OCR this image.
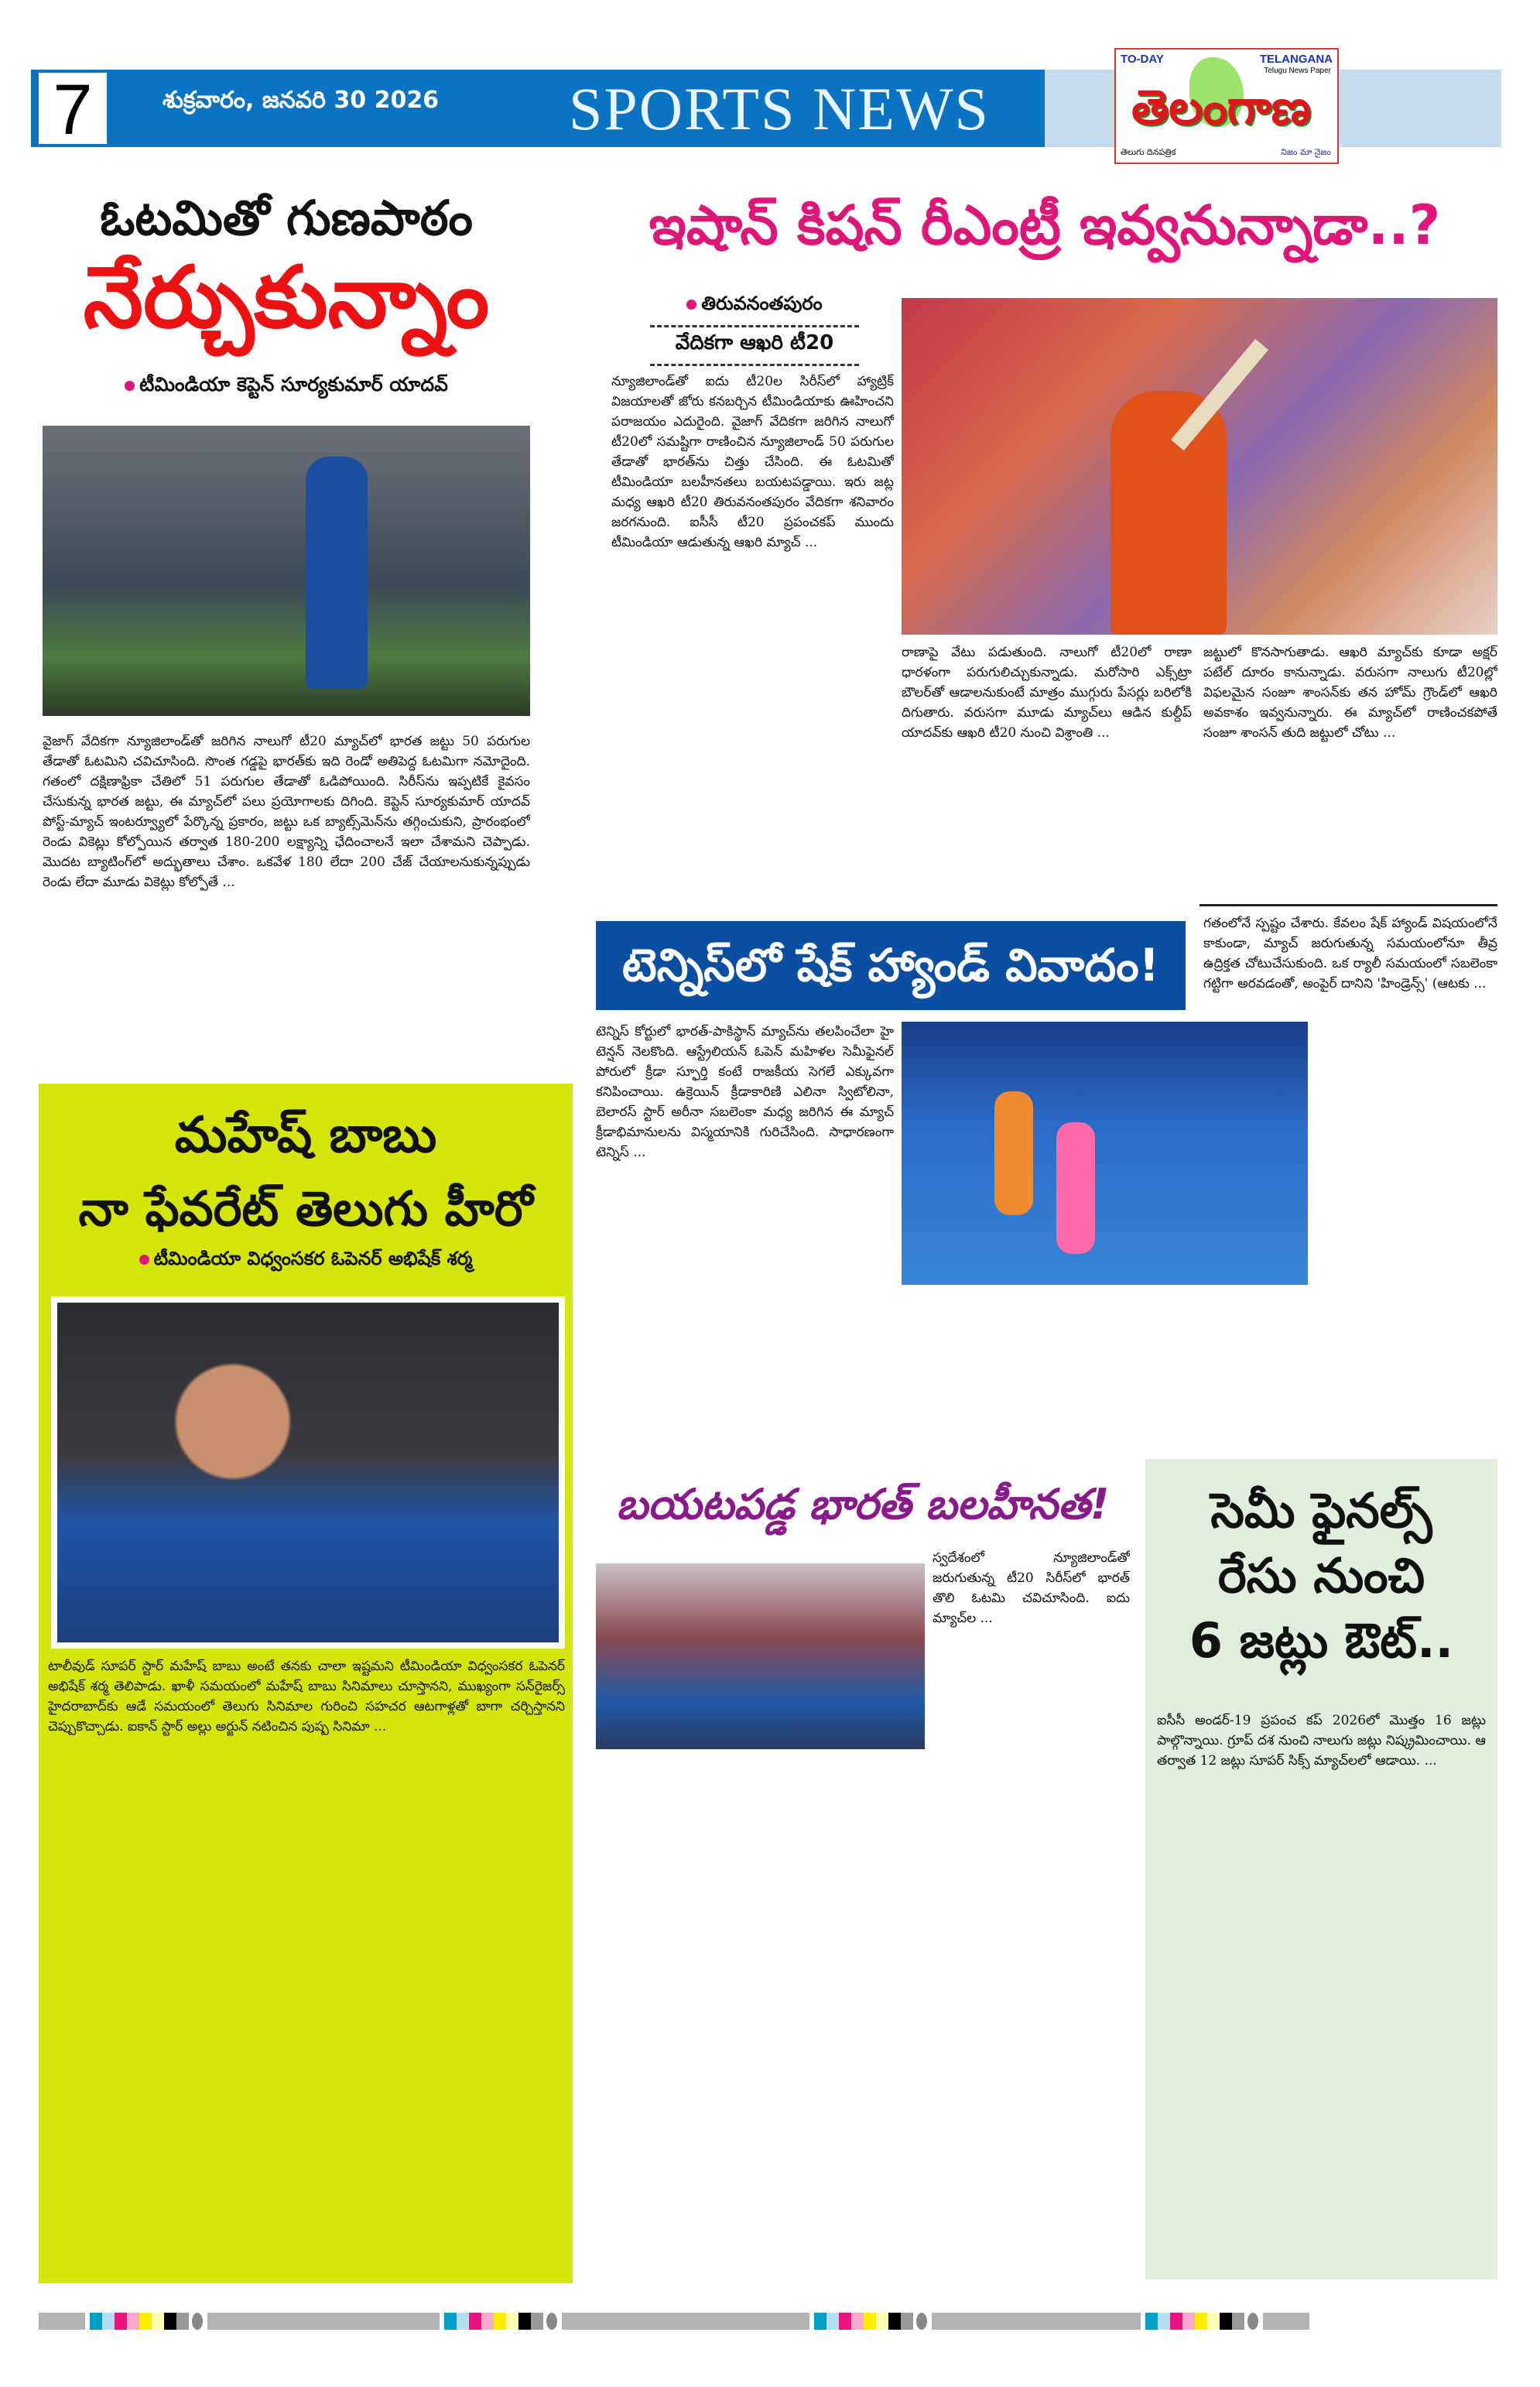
7	శుక్రవారం, జనవరి 30 2026 SPORTS NEWS
TO-DAY	TELANGANA
Telugu News Paper
తెలంగాణ
తెలుగు దినపత్రిక	నిజం మా నైజం
ఓటమితో గుణపాఠం
నేర్చుకున్నాం
టీమిండియా కెప్టెన్ సూర్యకుమార్ యాదవ్
వైజాగ్ వేదికగా న్యూజిలాండ్‌తో జరిగిన నాలుగో టీ20 మ్యాచ్‌లో భారత జట్టు 50 పరుగుల తేడాతో ఓటమిని చవిచూసింది. సొంత గడ్డపై భారత్‌కు ఇది రెండో అతిపెద్ద ఓటమిగా నమోదైంది. గతంలో దక్షిణాఫ్రికా చేతిలో 51 పరుగుల తేడాతో ఓడిపోయింది. సిరీస్‌ను ఇప్పటికే కైవసం చేసుకున్న భారత జట్టు, ఈ మ్యాచ్‌లో పలు ప్రయోగాలకు దిగింది. కెప్టెన్ సూర్యకుమార్ యాదవ్ పోస్ట్-మ్యాచ్ ఇంటర్వ్యూలో పేర్కొన్న ప్రకారం, జట్టు ఒక బ్యాట్స్‌మెన్‌ను తగ్గించుకుని, ప్రారంభంలో రెండు వికెట్లు కోల్పోయిన తర్వాత 180-200 లక్ష్యాన్ని ఛేదించాలనే ఇలా చేశామని చెప్పాడు. మొదట బ్యాటింగ్‌లో అద్భుతాలు చేశాం. ఒకవేళ 180 లేదా 200 చేజ్ చేయాలనుకున్నప్పుడు రెండు లేదా మూడు వికెట్లు కోల్పోతే ...
మహేష్ బాబు
నా ఫేవరేట్ తెలుగు హీరో
టీమిండియా విధ్వంసకర ఓపెనర్ అభిషేక్ శర్మ
టాలీవుడ్ సూపర్ స్టార్ మహేష్ బాబు అంటే తనకు చాలా ఇష్టమని టీమిండియా విధ్వంసకర ఓపెనర్ అభిషేక్ శర్మ తెలిపాడు. ఖాళీ సమయంలో మహేష్ బాబు సినిమాలు చూస్తానని, ముఖ్యంగా సన్‌రైజర్స్ హైదరాబాద్‌కు ఆడే సమయంలో తెలుగు సినిమాల గురించి సహచర ఆటగాళ్లతో బాగా చర్చిస్తానని చెప్పుకొచ్చాడు. ఐకాన్ స్టార్ అల్లు అర్జున్ నటించిన పుష్ప సినిమా ...
ఇషాన్ కిషన్ రీఎంట్రీ ఇవ్వనున్నాడా..?
తిరువనంతపురం
వేదికగా ఆఖరి టీ20
న్యూజిలాండ్‌తో ఐదు టీ20ల సిరీస్‌లో హ్యాట్రిక్ విజయాలతో జోరు కనబర్చిన టీమిండియాకు ఊహించని పరాజయం ఎదురైంది. వైజాగ్ వేదికగా జరిగిన నాలుగో టీ20లో సమష్టిగా రాణించిన న్యూజిలాండ్ 50 పరుగుల తేడాతో భారత్‌ను చిత్తు చేసింది. ఈ ఓటమితో టీమిండియా బలహీనతలు బయటపడ్డాయి. ఇరు జట్ల మధ్య ఆఖరి టీ20 తిరువనంతపురం వేదికగా శనివారం జరగనుంది. ఐసీసీ టీ20 ప్రపంచకప్ ముందు టీమిండియా ఆడుతున్న ఆఖరి మ్యాచ్ ...
రాణాపై వేటు పడుతుంది. నాలుగో టీ20లో రాణా ధారళంగా పరుగులిచ్చుకున్నాడు. మరోసారి ఎక్స్‌ట్రా బౌలర్‌తో ఆడాలనుకుంటే మాత్రం ముగ్గురు పేసర్లు బరిలోకి దిగుతారు. వరుసగా మూడు మ్యాచ్‌లు ఆడిన కుల్దీప్ యాదవ్‌కు ఆఖరి టీ20 నుంచి విశ్రాంతి ...
జట్టులో కొనసాగుతాడు. ఆఖరి మ్యాచ్‌కు కూడా అక్షర్ పటేల్ దూరం కానున్నాడు. వరుసగా నాలుగు టీ20ల్లో విఫలమైన సంజూ శాంసన్‌కు తన హోమ్ గ్రౌండ్‌లో ఆఖరి అవకాశం ఇవ్వనున్నారు. ఈ మ్యాచ్‌లో రాణించకపోతే సంజూ శాంసన్ తుది జట్టులో చోటు ...
టెన్నిస్‌లో షేక్ హ్యాండ్ వివాదం!
టెన్నిస్ కోర్టులో భారత్-పాకిస్థాన్ మ్యాచ్‌ను తలపించేలా హై టెన్షన్ నెలకొంది. ఆస్ట్రేలియన్ ఓపెన్ మహిళల సెమీఫైనల్ పోరులో క్రీడా స్ఫూర్తి కంటే రాజకీయ సెగలే ఎక్కువగా కనిపించాయి. ఉక్రెయిన్ క్రీడాకారిణి ఎలినా స్విటోలినా, బెలారస్ స్టార్ అరీనా సబలెంకా మధ్య జరిగిన ఈ మ్యాచ్ క్రీడాభిమానులను విస్మయానికి గురిచేసింది. సాధారణంగా టెన్నిస్ ...
గతంలోనే స్పష్టం చేశారు. కేవలం షేక్ హ్యాండ్ విషయంలోనే కాకుండా, మ్యాచ్ జరుగుతున్న సమయంలోనూ తీవ్ర ఉద్రిక్తత చోటుచేసుకుంది. ఒక ర్యాలీ సమయంలో సబలెంకా గట్టిగా అరవడంతో, అంపైర్ దానిని 'హిండ్రెన్స్' (ఆటకు ...
బయటపడ్డ భారత్ బలహీనత!
స్వదేశంలో న్యూజిలాండ్‌తో జరుగుతున్న టీ20 సిరీస్‌లో భారత్ తొలి ఓటమి చవిచూసింది. ఐదు మ్యాచ్‌ల ...
సెమీ ఫైనల్స్
రేసు నుంచి
6 జట్లు ఔట్..
ఐసీసీ అండర్-19 ప్రపంచ కప్ 2026లో మొత్తం 16 జట్లు పాల్గొన్నాయి. గ్రూప్ దశ నుంచి నాలుగు జట్లు నిష్క్రమించాయి. ఆ తర్వాత 12 జట్లు సూపర్ సిక్స్ మ్యాచ్‌లలో ఆడాయి. ...
